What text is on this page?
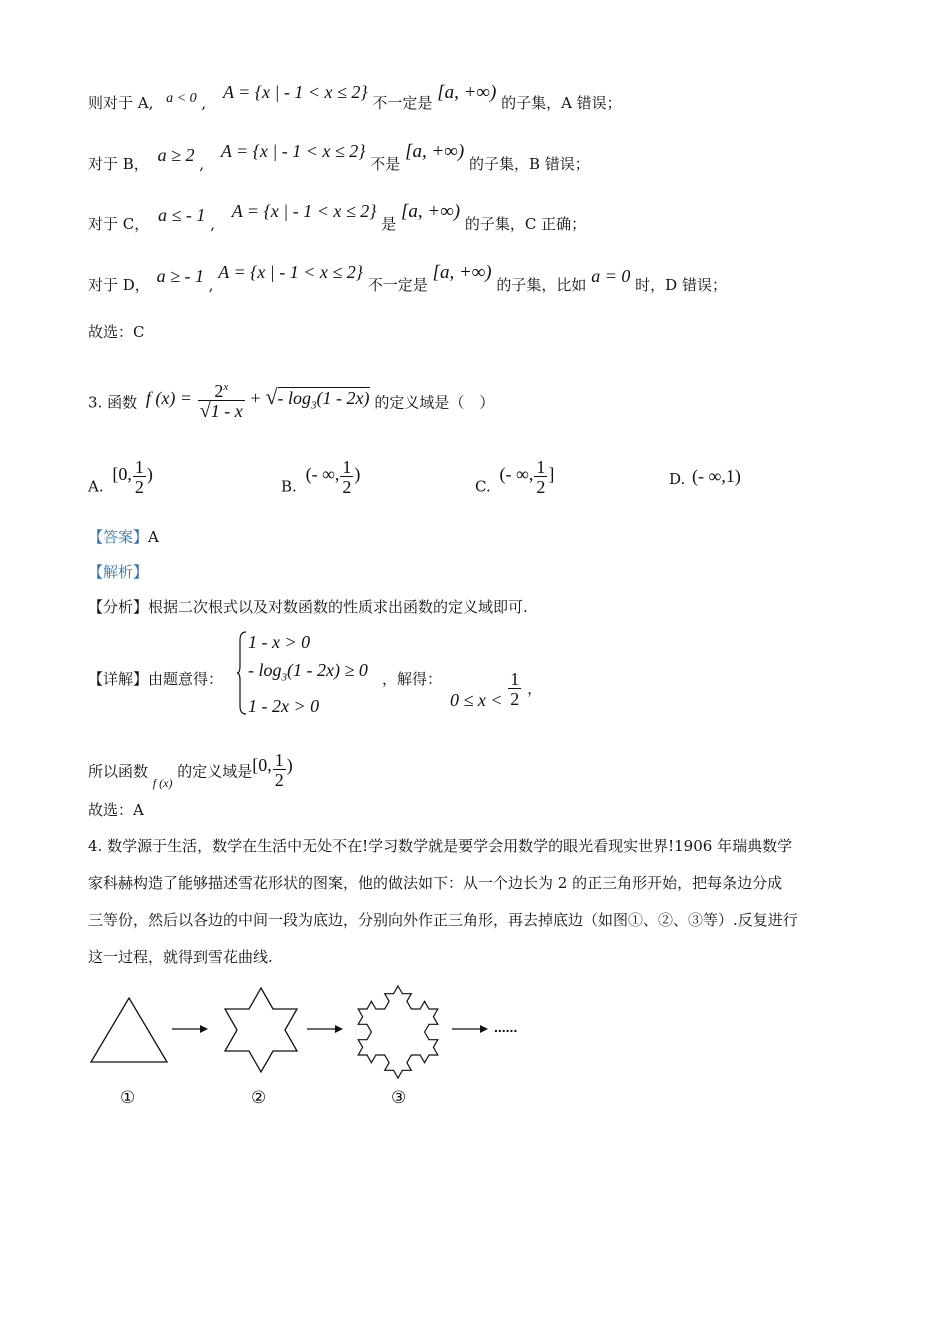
则对于 A, a < 0 , A = {x | - 1 < x ≤ 2} 不一定是 [a, +∞) 的子集，A 错误；
对于 B， a ≥ 2 , A = {x | - 1 < x ≤ 2} 不是 [a, +∞) 的子集，B 错误；
对于 C， a ≤ - 1 , A = {x | - 1 < x ≤ 2} 是 [a, +∞) 的子集，C 正确；
对于 D， a ≥ - 1 , A = {x | - 1 < x ≤ 2} 不一定是 [a, +∞) 的子集，比如 a = 0 时，D 错误；
故选：C
3. 函数 f $(x) = \frac{2^x}{√1 - x}$ + √- $\log_3(1 - 2x)$ 的定义域是（　）
A. [0, $\frac{1}{2}$ )
B. (- ∞, $\frac{1}{2}$ )
C. (- ∞, $\frac{1}{2}$ ]	D. (- ∞,1)
【答案】A
【解析】
【分析】根据二次根式以及对数函数的性质求出函数的定义域即可.
【详解】由题意得：
1 - x > 0
- $\log_3(1 - 2x) \ge 0$
1 - 2x > 0
，解得：
$0 \le x < \frac{1}{2}$ ，
所以函数 $_{f (x)}$ 的定义域是[0, $\frac{1}{2}$ )
故选：A
4. 数学源于生活，数学在生活中无处不在!学习数学就是要学会用数学的眼光看现实世界!1906 年瑞典数学
家科赫构造了能够描述雪花形状的图案，他的做法如下：从一个边长为 2 的正三角形开始，把每条边分成
三等份，然后以各边的中间一段为底边，分别向外作正三角形，再去掉底边（如图①、②、③等）.反复进行
这一过程，就得到雪花曲线.
......
①	②	③
